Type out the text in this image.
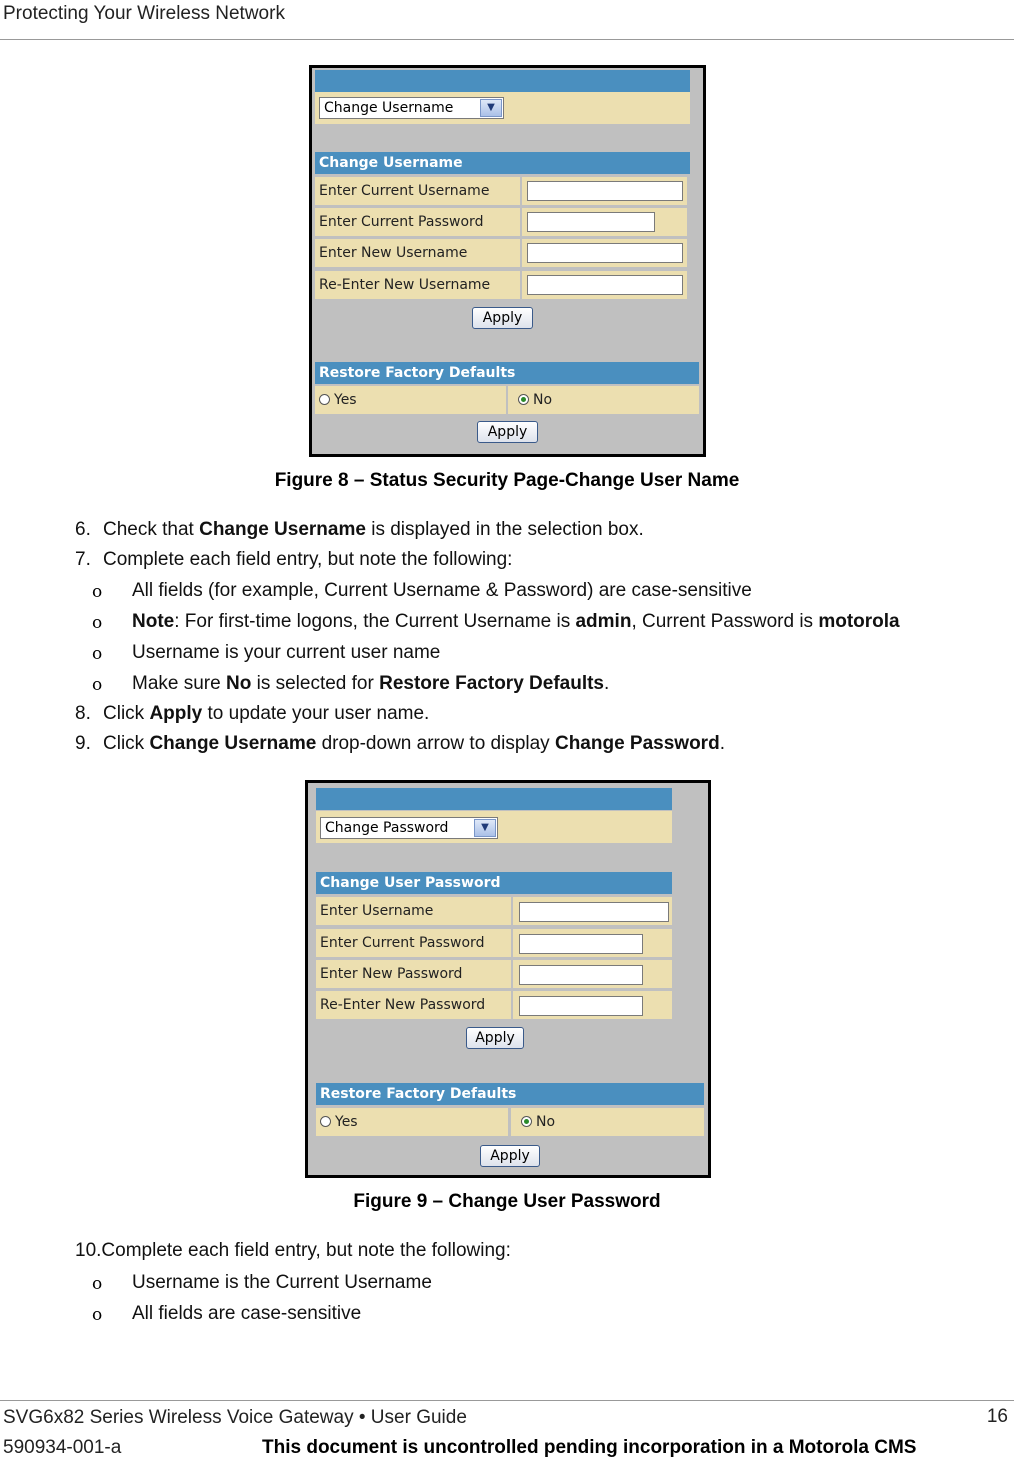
Protecting Your Wireless Network
Change Username	▼
Change Username
Enter Current Username
Enter Current Password
Enter New Username
Re-Enter New Username
Apply
Restore Factory Defaults
Yes	No
Apply
Figure 8 – Status Security Page-Change User Name
6. Check that Change Username is displayed in the selection box.
7. Complete each field entry, but note the following:
o All fields (for example, Current Username & Password) are case-sensitive
o Note: For first-time logons, the Current Username is admin, Current Password is motorola
o Username is your current user name
o Make sure No is selected for Restore Factory Defaults.
8. Click Apply to update your user name.
9. Click Change Username drop-down arrow to display Change Password.
Change Password	▼
Change User Password
Enter Username
Enter Current Password
Enter New Password
Re-Enter New Password
Apply
Restore Factory Defaults
Yes	No
Apply
Figure 9 – Change User Password
10.Complete each field entry, but note the following:
o Username is the Current Username
o All fields are case-sensitive
SVG6x82 Series Wireless Voice Gateway • User Guide	16
590934-001-a	This document is uncontrolled pending incorporation in a Motorola CMS
